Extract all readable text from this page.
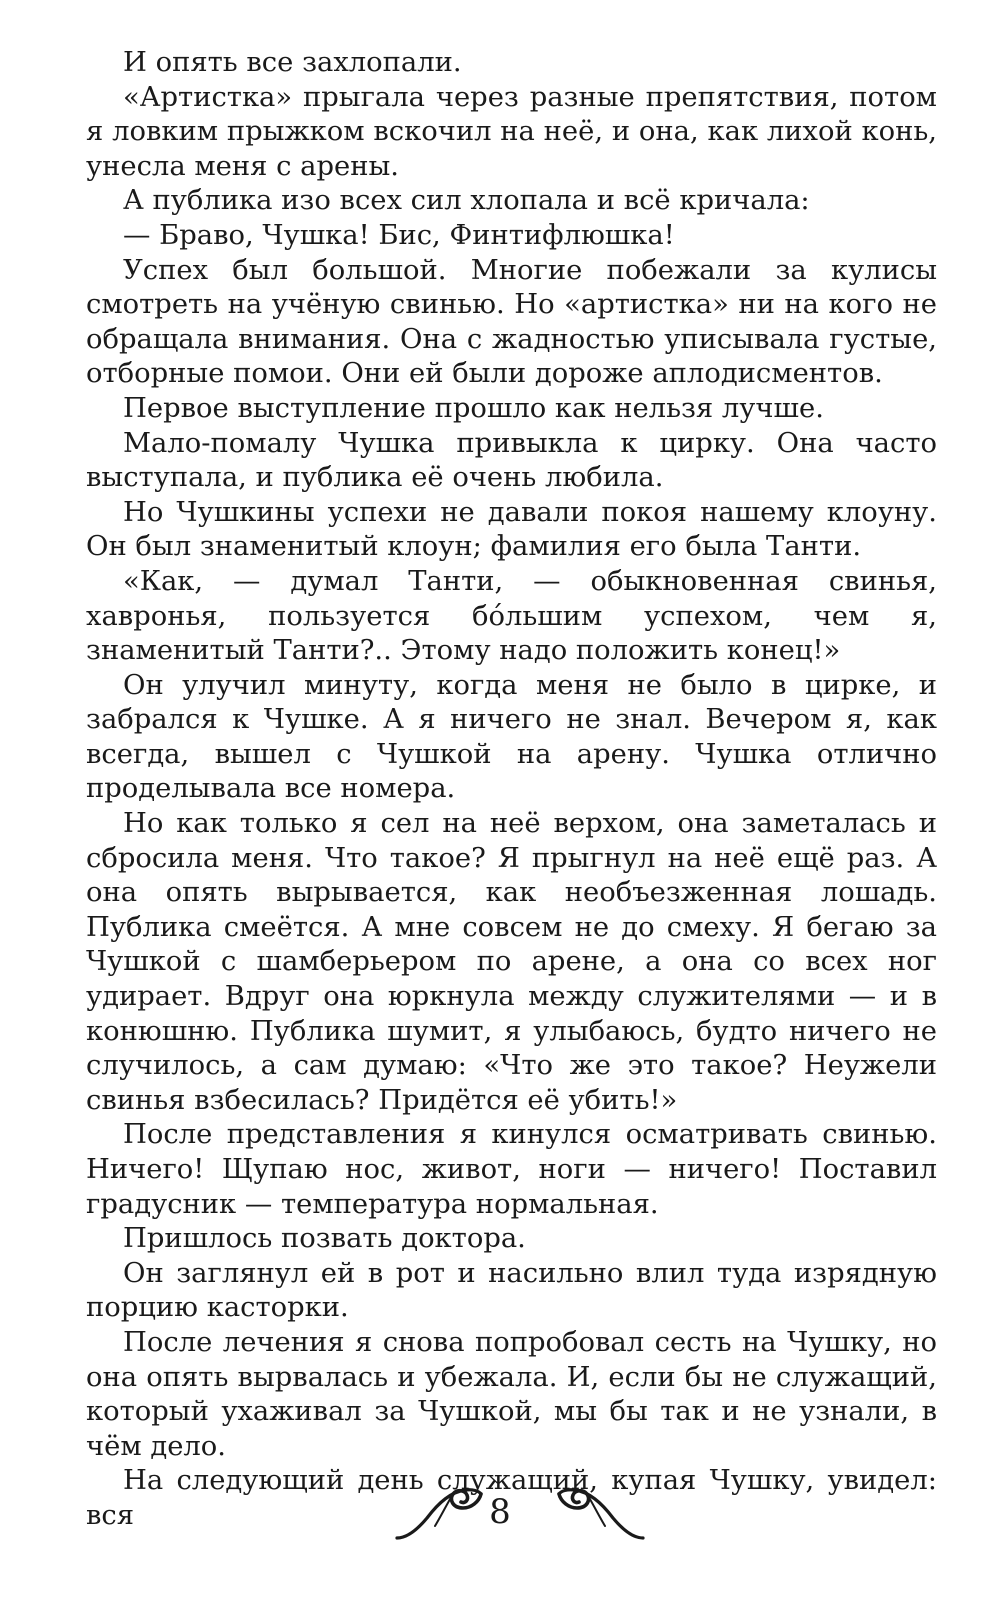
И опять все захлопали.

«Артистка» прыгала через разные препятствия, потом я ловким прыжком вскочил на неё, и она, как лихой конь, унесла меня с арены.

А публика изо всех сил хлопала и всё кричала:

— Браво, Чушка! Бис, Финтифлюшка!

Успех был большой. Многие побежали за кулисы смотреть на учёную свинью. Но «артистка» ни на кого не обращала внимания. Она с жадностью уписывала густые, отборные помои. Они ей были дороже аплодисментов.

Первое выступление прошло как нельзя лучше.

Мало-помалу Чушка привыкла к цирку. Она часто выступала, и публика её очень любила.

Но Чушкины успехи не давали покоя нашему клоуну. Он был знаменитый клоун; фамилия его была Танти.

«Как, — думал Танти, — обыкновенная свинья, хавронья, пользуется бо́льшим успехом, чем я, знаменитый Танти?.. Этому надо положить конец!»

Он улучил минуту, когда меня не было в цирке, и забрался к Чушке. А я ничего не знал. Вечером я, как всегда, вышел с Чушкой на арену. Чушка отлично проделывала все номера.

Но как только я сел на неё верхом, она заметалась и сбросила меня. Что такое? Я прыгнул на неё ещё раз. А она опять вырывается, как необъезженная лошадь. Публика смеётся. А мне совсем не до смеху. Я бегаю за Чушкой с шамберьером по арене, а она со всех ног удирает. Вдруг она юркнула между служителями — и в конюшню. Публика шумит, я улыбаюсь, будто ничего не случилось, а сам думаю: «Что же это такое? Неужели свинья взбесилась? Придётся её убить!»

После представления я кинулся осматривать свинью. Ничего! Щупаю нос, живот, ноги — ничего! Поставил градусник — температура нормальная.

Пришлось позвать доктора.

Он заглянул ей в рот и насильно влил туда изрядную порцию касторки.

После лечения я снова попробовал сесть на Чушку, но она опять вырвалась и убежала. И, если бы не служащий, который ухаживал за Чушкой, мы бы так и не узнали, в чём дело.

На следующий день служащий, купая Чушку, увидел: вся	8
